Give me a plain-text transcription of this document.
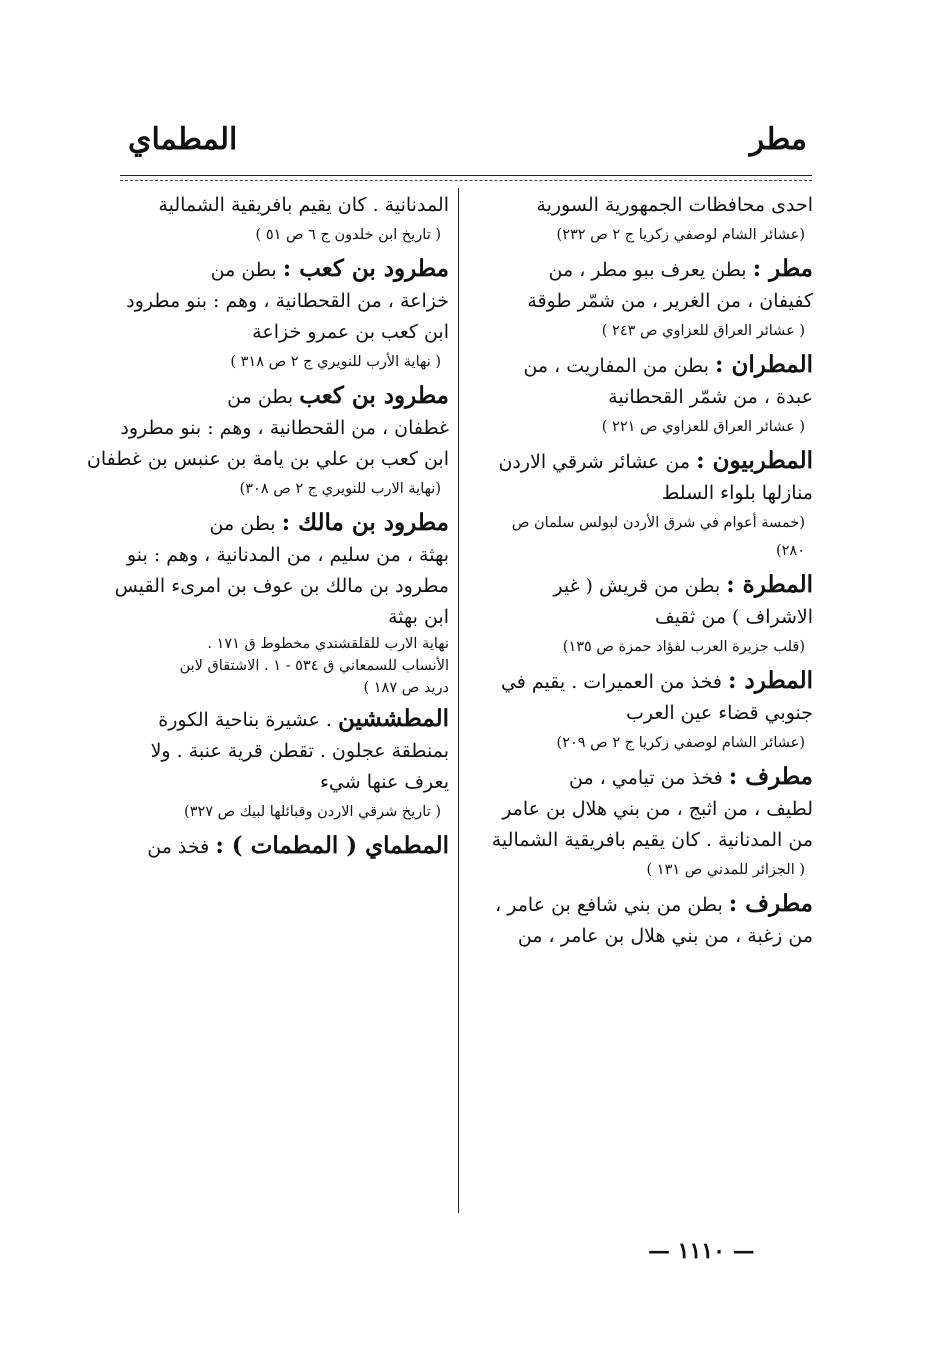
مطر
المطماي
احدى محافظات الجمهورية السورية
(عشائر الشام لوصفي زكريا ج ٢ ص ٢٣٢)
مطر : بطن يعرف ببو مطر ، من
كفيفان ، من الغرير ، من شمّر طوقة
( عشائر العراق للعزاوي ص ٢٤٣ )
المطران : بطن من المفاريت ، من
عبدة ، من شمّر القحطانية
( عشائر العراق للعزاوي ص ٢٢١ )
المطربيون : من عشائر شرقي الاردن
منازلها بلواء السلط
(خمسة أعوام في شرق الأردن لبولس سلمان ص
٢٨٠)
المطرة : بطن من قريش ( غير
الاشراف ) من ثقيف
(قلب جزيرة العرب لفؤاد حمزة ص ١٣٥)
المطرد : فخذ من العميرات . يقيم في
جنوبي قضاء عين العرب
(عشائر الشام لوصفي زكريا ج ٢ ص ٢٠٩)
مطرف : فخذ من تيامي ، من
لطيف ، من اثبج ، من بني هلال بن عامر
من المدنانية . كان يقيم بافريقية الشمالية
( الجزائر للمدني ص ١٣١ )
مطرف : بطن من بني شافع بن عامر ،
من زغبة ، من بني هلال بن عامر ، من
المدنانية . كان يقيم بافريقية الشمالية
( تاريخ ابن خلدون ج ٦ ص ٥١ )
مطرود بن كعب : بطن من
خزاعة ، من القحطانية ، وهم : بنو مطرود
ابن كعب بن عمرو خزاعة
( نهاية الأرب للنويري ج ٢ ص ٣١٨ )
مطرود بن كعب بطن من
غطفان ، من القحطانية ، وهم : بنو مطرود
ابن كعب بن علي بن يامة بن عنبس بن غطفان
(نهاية الارب للنويري ج ٢ ص ٣٠٨)
مطرود بن مالك : بطن من
بهثة ، من سليم ، من المدنانية ، وهم : بنو
مطرود بن مالك بن عوف بن امرىء القيس
ابن بهثة
نهاية الارب للقلقشندي مخطوط ق ١٧١ .
الأنساب للسمعاني ق ٥٣٤ - ١ . الاشتقاق لابن
دريد ص ١٨٧ )
المطششين . عشيرة بناحية الكورة
بمنطقة عجلون . تقطن قرية عنبة . ولا
يعرف عنها شيء
( تاريخ شرقي الاردن وقبائلها لبيك ص ٣٢٧)
المطماي ( المطمات ) : فخذ من
— ١١١٠ —
